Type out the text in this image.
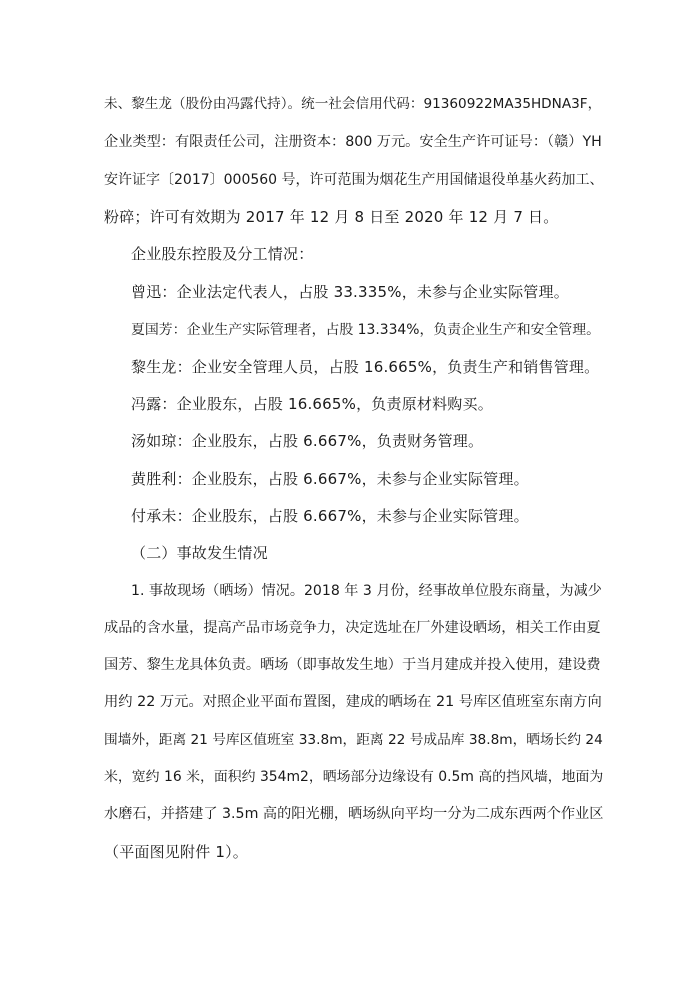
未、黎生龙（股份由冯露代持）。统一社会信用代码：91360922MA35HDNA3F，
企业类型：有限责任公司，注册资本：800 万元。安全生产许可证号：（赣）YH
安许证字〔2017〕000560 号，许可范围为烟花生产用国储退役单基火药加工、
粉碎；许可有效期为 2017 年 12 月 8 日至 2020 年 12 月 7 日。
企业股东控股及分工情况：
曾迅：企业法定代表人，占股 33.335%，未参与企业实际管理。
夏国芳：企业生产实际管理者，占股 13.334%，负责企业生产和安全管理。
黎生龙：企业安全管理人员，占股 16.665%，负责生产和销售管理。
冯露：企业股东，占股 16.665%，负责原材料购买。
汤如琼：企业股东，占股 6.667%，负责财务管理。
黄胜利：企业股东，占股 6.667%，未参与企业实际管理。
付承未：企业股东，占股 6.667%，未参与企业实际管理。
（二）事故发生情况
1. 事故现场（晒场）情况。2018 年 3 月份，经事故单位股东商量，为减少
成品的含水量，提高产品市场竞争力，决定选址在厂外建设晒场，相关工作由夏
国芳、黎生龙具体负责。晒场（即事故发生地）于当月建成并投入使用，建设费
用约 22 万元。对照企业平面布置图，建成的晒场在 21 号库区值班室东南方向
围墙外，距离 21 号库区值班室 33.8m，距离 22 号成品库 38.8m，晒场长约 24
米，宽约 16 米，面积约 354m2，晒场部分边缘设有 0.5m 高的挡风墙，地面为
水磨石，并搭建了 3.5m 高的阳光棚，晒场纵向平均一分为二成东西两个作业区
（平面图见附件 1）。
